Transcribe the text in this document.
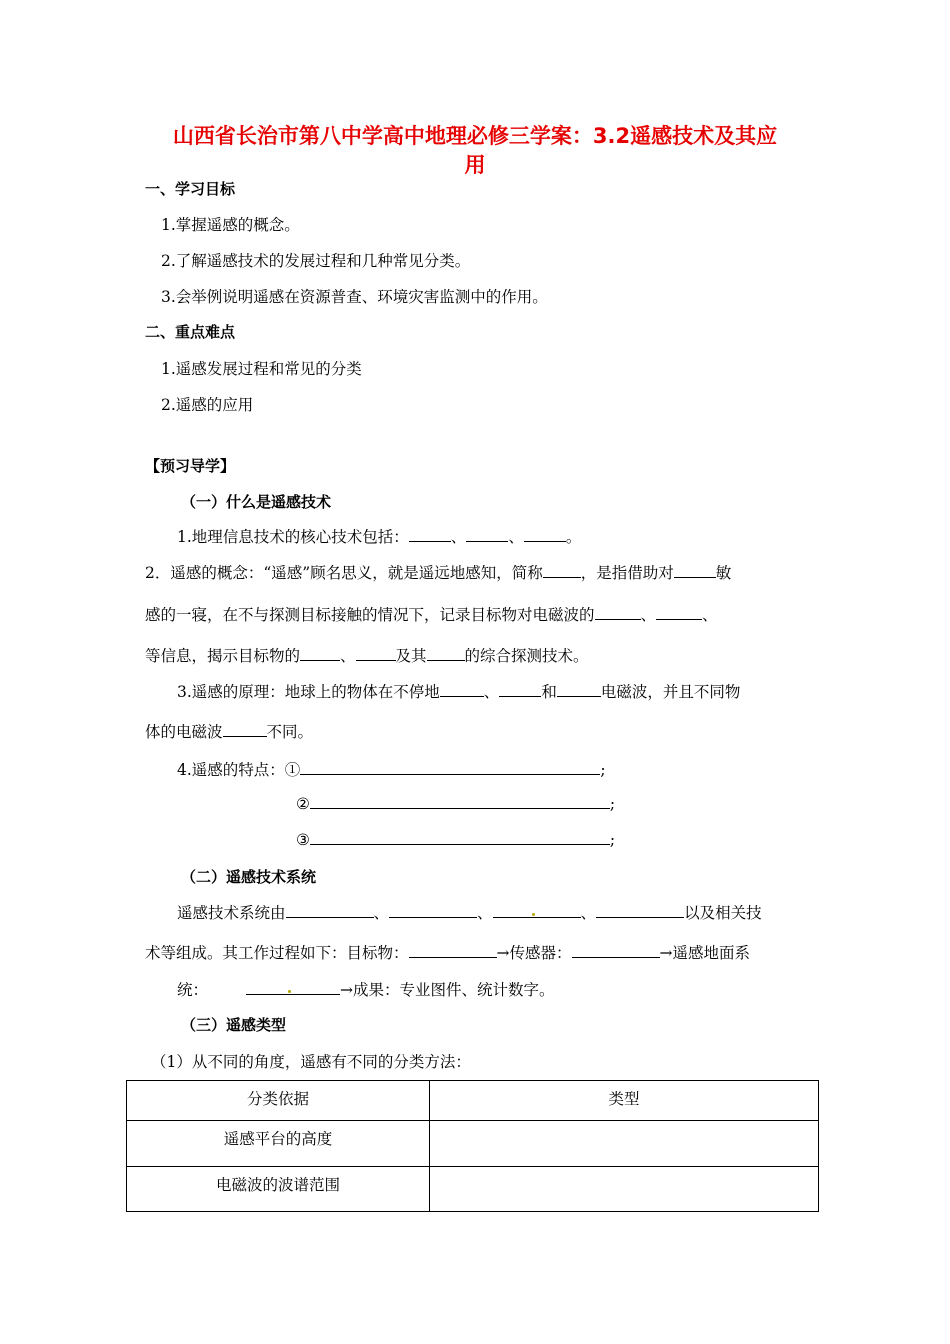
山西省长治市第八中学高中地理必修三学案：3.2遥感技术及其应
用
一、学习目标
1.掌握遥感的概念。
2.了解遥感技术的发展过程和几种常见分类。
3.会举例说明遥感在资源普查、环境灾害监测中的作用。
二、重点难点
1.遥感发展过程和常见的分类
2.遥感的应用
【预习导学】
（一）什么是遥感技术
1.地理信息技术的核心技术包括：	、	、	。
2．遥感的概念：“遥感”顾名思义，就是遥远地感知，简称 ，是指借助对	敏
感的一寝，在不与探测目标接触的情况下，记录目标物对电磁波的	、	、
等信息，揭示目标物的	、	及其 的综合探测技术。
3.遥感的原理：地球上的物体在不停地	、	和	电磁波，并且不同物
体的电磁波	不同。
4.遥感的特点：①	;
②	;
③	;
（二）遥感技术系统
遥感技术系统由	、	、	、	以及相关技
术等组成。其工作过程如下：目标物：	→传感器：	→遥感地面系
统：	→成果：专业图件、统计数字。
（三）遥感类型
（1）从不同的角度，遥感有不同的分类方法：
分类依据	类型
遥感平台的高度	
电磁波的波谱范围	
